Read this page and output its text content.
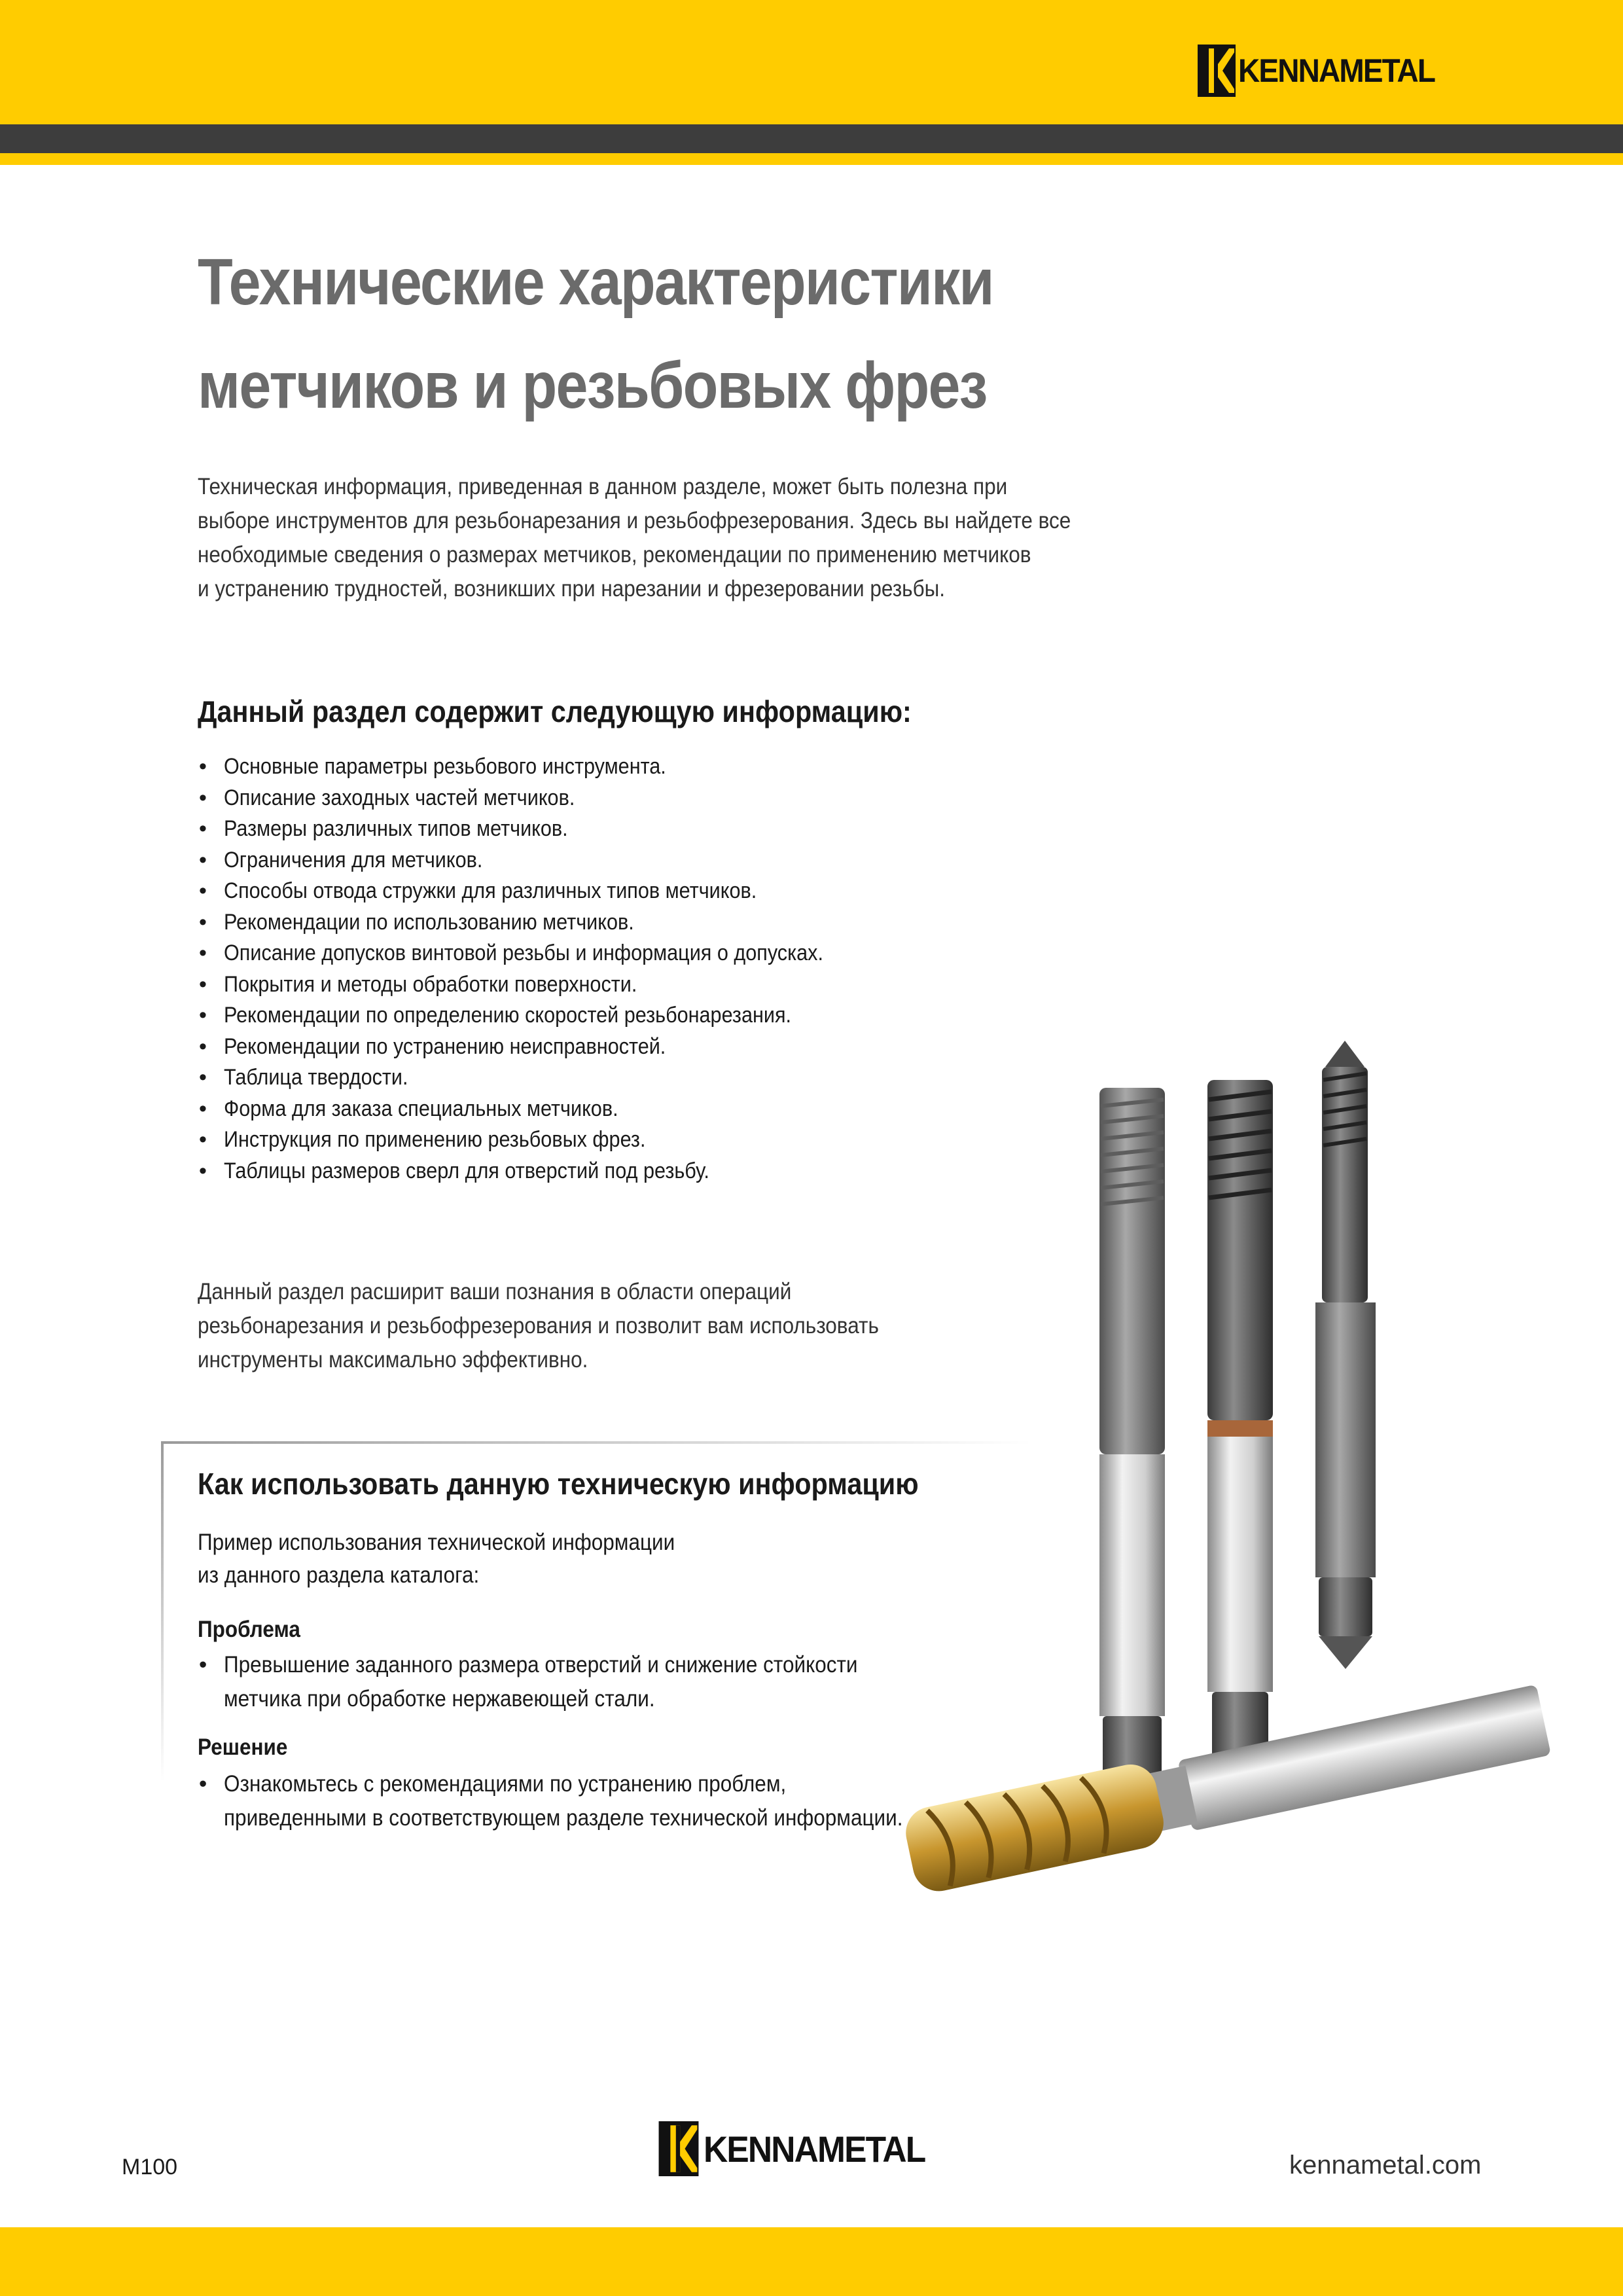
KENNAMETAL
Технические характеристики
метчиков и резьбовых фрез
Техническая информация, приведенная в данном разделе, может быть полезна при
выборе инструментов для резьбонарезания и резьбофрезерования. Здесь вы найдете все
необходимые сведения о размерах метчиков, рекомендации по применению метчиков
и устранению трудностей, возникших при нарезании и фрезеровании резьбы.
Данный раздел содержит следующую информацию:
• Основные параметры резьбового инструмента.
• Описание заходных частей метчиков.
• Размеры различных типов метчиков.
• Ограничения для метчиков.
• Способы отвода стружки для различных типов метчиков.
• Рекомендации по использованию метчиков.
• Описание допусков винтовой резьбы и информация о допусках.
• Покрытия и методы обработки поверхности.
• Рекомендации по определению скоростей резьбонарезания.
• Рекомендации по устранению неисправностей.
• Таблица твердости.
• Форма для заказа специальных метчиков.
• Инструкция по применению резьбовых фрез.
• Таблицы размеров сверл для отверстий под резьбу.
Данный раздел расширит ваши познания в области операций
резьбонарезания и резьбофрезерования и позволит вам использовать
инструменты максимально эффективно.
Как использовать данную техническую информацию
Пример использования технической информации
из данного раздела каталога:
Проблема
• Превышение заданного размера отверстий и снижение стойкости
метчика при обработке нержавеющей стали.
Решение
• Ознакомьтесь с рекомендациями по устранению проблем,
приведенными в соответствующем разделе технической информации.
M100	KENNAMETAL	kennametal.com
